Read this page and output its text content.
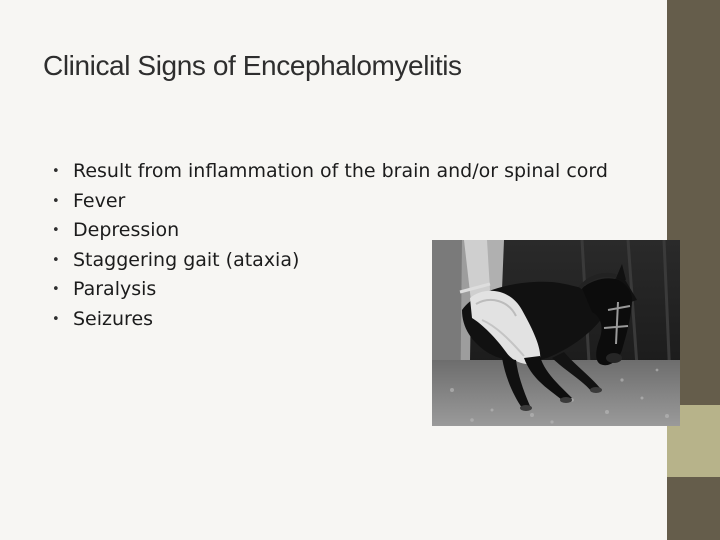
Clinical Signs of Encephalomyelitis
• Result from inflammation of the brain and/or spinal cord
• Fever
• Depression
• Staggering gait (ataxia)
• Paralysis
• Seizures
